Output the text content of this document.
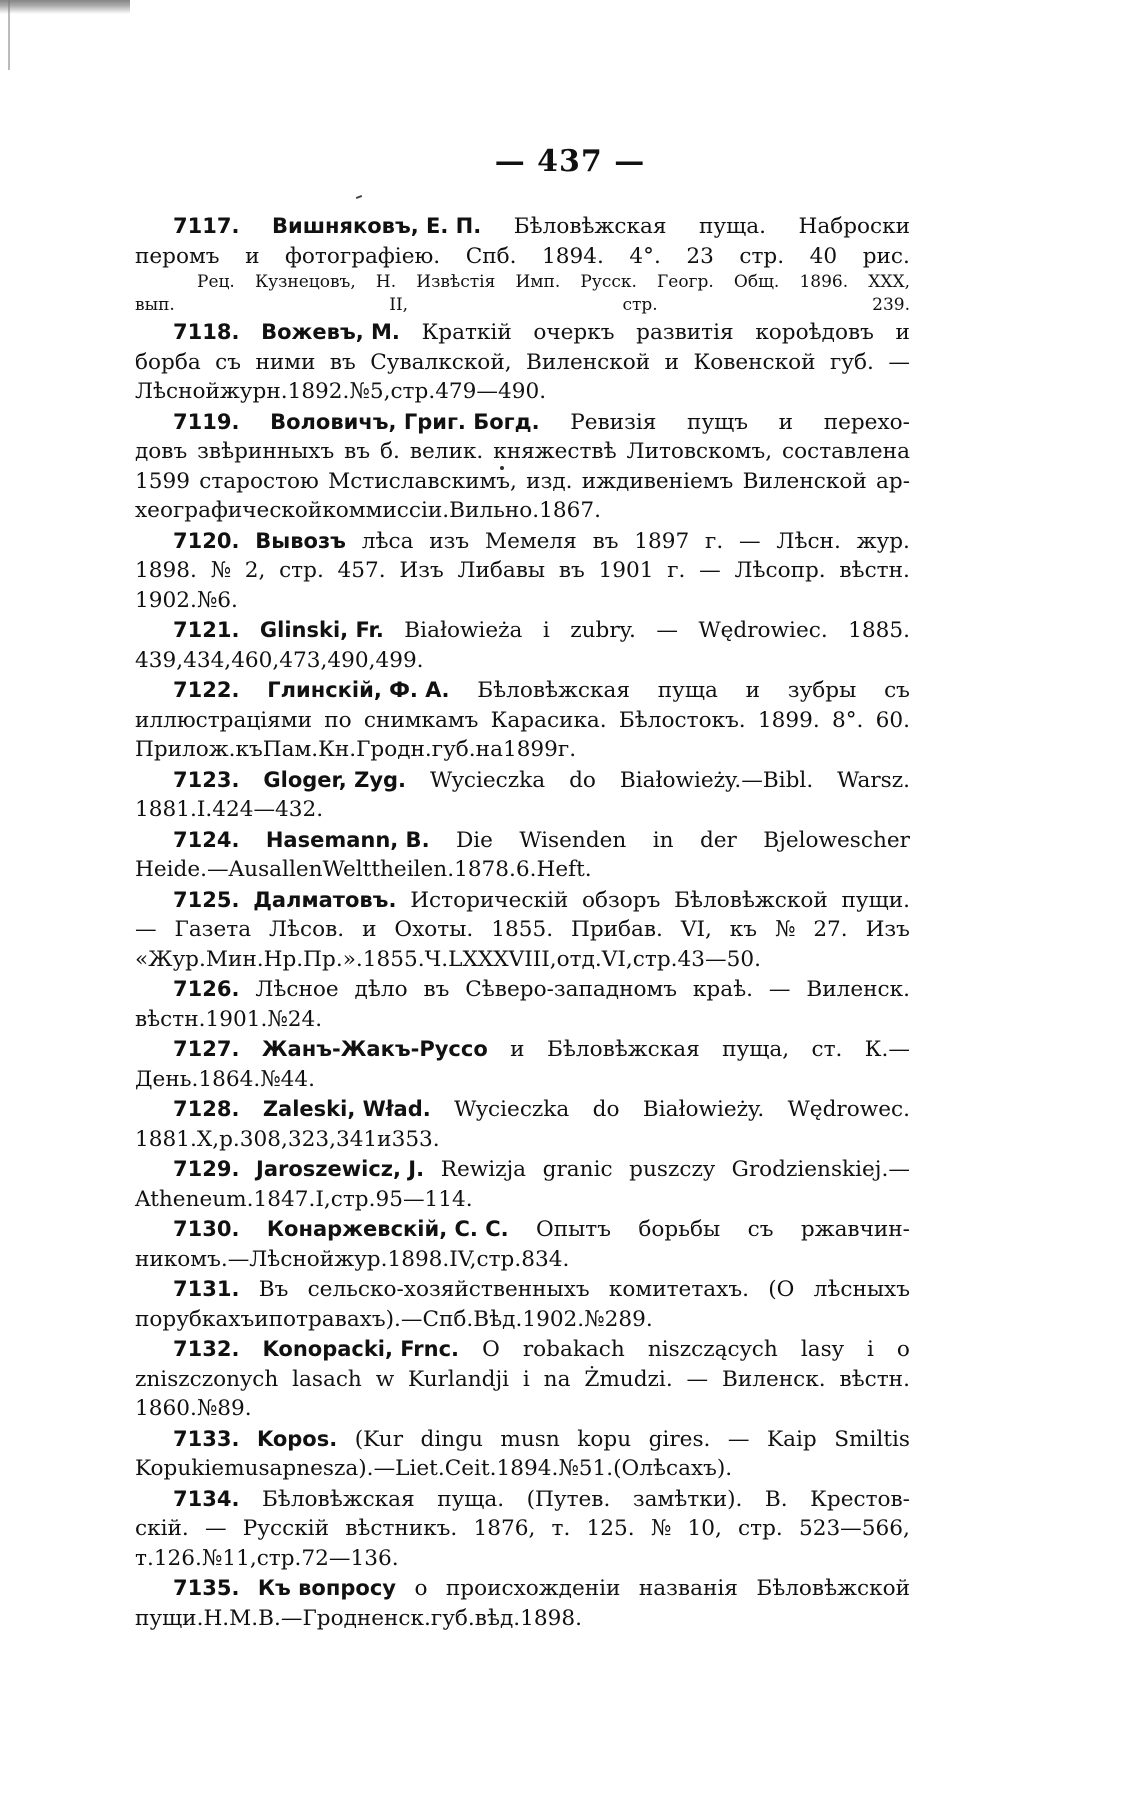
— 437 —
7117. Вишняковъ, Е. П. Бѣловѣжская пуща. Наброски
перомъ и фотографіею. Спб. 1894. 4°. 23 стр. 40 рис.
Рец. Кузнецовъ, Н. Извѣстія Имп. Русск. Геогр. Общ. 1896. XXX,
вып.	II,	стр.	239.
7118. Вожевъ, М. Краткій очеркъ развитія короѣдовъ и
борба съ ними въ Сувалкской, Виленской и Ковенской губ. —
Лѣсной журн. 1892. № 5, стр. 479—490.
7119. Воловичъ, Григ. Богд. Ревизія пущъ и перехо-
довъ звѣринныхъ въ б. велик. княжествѣ Литовскомъ, составлена
1599 старостою Мстиславскимъ, изд. иждивеніемъ Виленской ар-
хеографической коммиссіи. Вильно. 1867.
7120. Вывозъ лѣса изъ Мемеля въ 1897 г. — Лѣсн. жур.
1898. № 2, стр. 457. Изъ Либавы въ 1901 г. — Лѣсопр. вѣстн.
1902. № 6.
7121. Glinski, Fr. Białowieża i zubry. — Wędrowiec. 1885.
439, 434, 460, 473, 490, 499.
7122. Глинскій, Ф. А. Бѣловѣжская пуща и зубры съ
иллюстраціями по снимкамъ Карасика. Бѣлостокъ. 1899. 8°. 60.
Прилож. къ Пам. Кн. Гродн. губ. на 1899 г.
7123. Gloger, Zyg. Wycieczka do Białowieży.—Bibl. Warsz.
1881. I. 424—432.
7124. Hasemann, B. Die Wisenden in der Bjelowescher
Heide. — Aus allen Welttheilen. 1878. 6. Heft.
7125. Далматовъ. Историческій обзоръ Бѣловѣжской пущи.
— Газета Лѣсов. и Охоты. 1855. Прибав. VI, къ № 27. Изъ
«Жур. Мин. Нр. Пр.». 1855. Ч. LXXXVIII, отд. VI, стр. 43—50.
7126. Лѣсное дѣло въ Сѣверо-западномъ краѣ. — Виленск.
вѣстн. 1901. № 24.
7127. Жанъ-Жакъ-Руссо и Бѣловѣжская пуща, ст. К.—
День. 1864. № 44.
7128. Zaleski, Wład. Wycieczka do Białowieży. Wędrowec.
1881. X, p. 308, 323, 341 и 353.
7129. Jaroszewicz, J. Rewizja granic puszczy Grodzienskiej.—
Atheneum. 1847. I, стр. 95—114.
7130. Конаржевскій, С. С. Опытъ борьбы съ ржавчин-
никомъ. — Лѣсной жур. 1898. IV, стр. 834.
7131. Въ сельско-хозяйственныхъ комитетахъ. (О лѣсныхъ
порубкахъ и потравахъ). — Спб. Вѣд. 1902. № 289.
7132. Konopacki, Frnc. O robakach niszczących lasy i o
zniszczonych lasach w Kurlandji i na Żmudzi. — Виленск. вѣстн.
1860. № 89.
7133. Kopos. (Kur dingu musn kopu gires. — Kaip Smiltis
Kopu kiemus apnesza). — Liet. Ceit. 1894. № 51. (О лѣсахъ).
7134. Бѣловѣжская пуща. (Путев. замѣтки). В. Крестов-
скій. — Русскій вѣстникъ. 1876, т. 125. № 10, стр. 523—566,
т. 126. № 11, стр. 72—136.
7135. Къ вопросу о происхожденіи названія Бѣловѣжской
пущи. Н. М. В. — Гродненск. губ. вѣд. 1898.
